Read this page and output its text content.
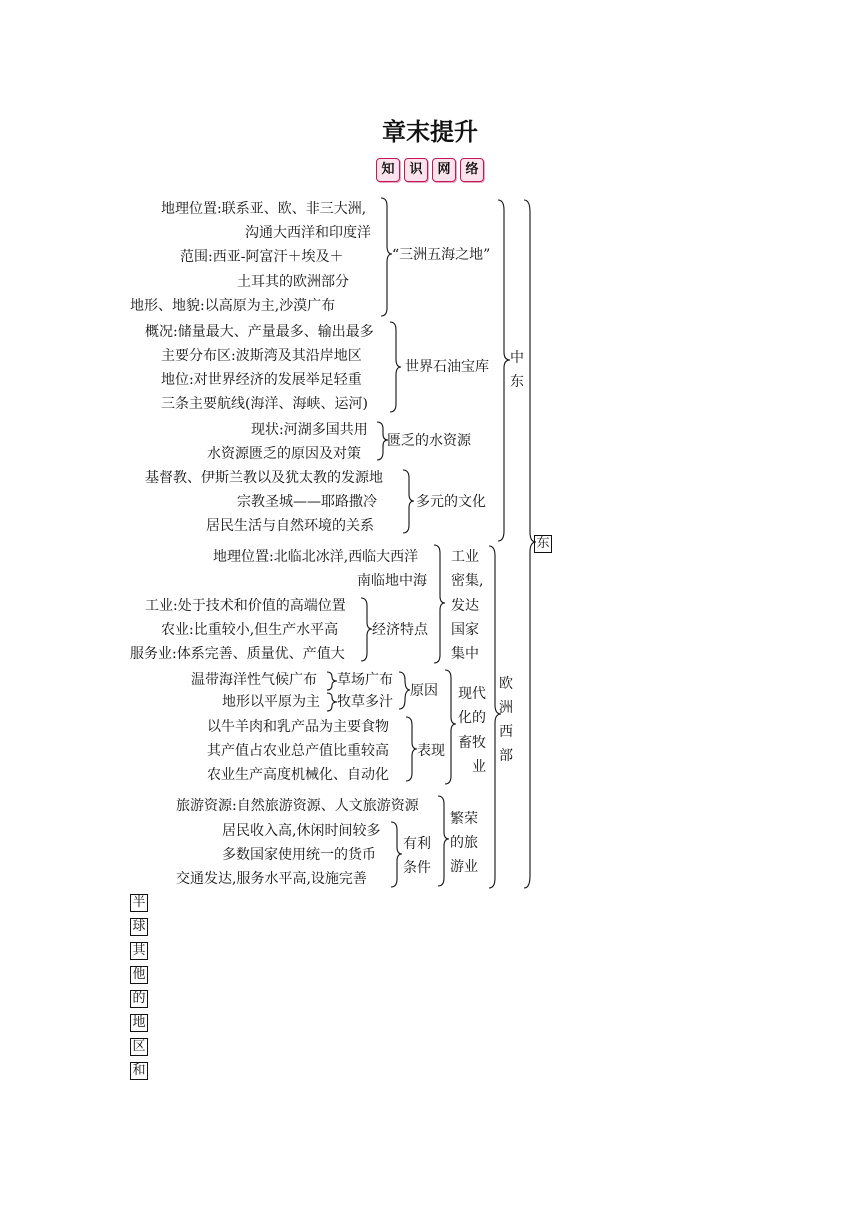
章末提升
知	识	网	络
地理位置:联系亚、欧、非三大洲,
沟通大西洋和印度洋
范围:西亚-阿富汗＋埃及＋
土耳其的欧洲部分
地形、地貌:以高原为主,沙漠广布
“三洲五海之地”
概况:储量最大、产量最多、输出最多
主要分布区:波斯湾及其沿岸地区
地位:对世界经济的发展举足轻重
三条主要航线(海洋、海峡、运河)
世界石油宝库
现状:河湖多国共用
水资源匮乏的原因及对策
匮乏的水资源
基督教、伊斯兰教以及犹太教的发源地
宗教圣城——耶路撒冷
居民生活与自然环境的关系
多元的文化
中
东
东
地理位置:北临北冰洋,西临大西洋
南临地中海
工业:处于技术和价值的高端位置
农业:比重较小,但生产水平高
服务业:体系完善、质量优、产值大
经济特点
工业
密集,
发达
国家
集中
温带海洋性气候广布
地形以平原为主
草场广布
牧草多汁
原因
以牛羊肉和乳产品为主要食物
其产值占农业总产值比重较高
农业生产高度机械化、自动化
表现
现代
化的
畜牧
业
旅游资源:自然旅游资源、人文旅游资源
居民收入高,休闲时间较多
多数国家使用统一的货币
交通发达,服务水平高,设施完善
有利
条件
繁荣
的旅
游业
欧
洲
西
部
半
球
其
他
的
地
区
和
